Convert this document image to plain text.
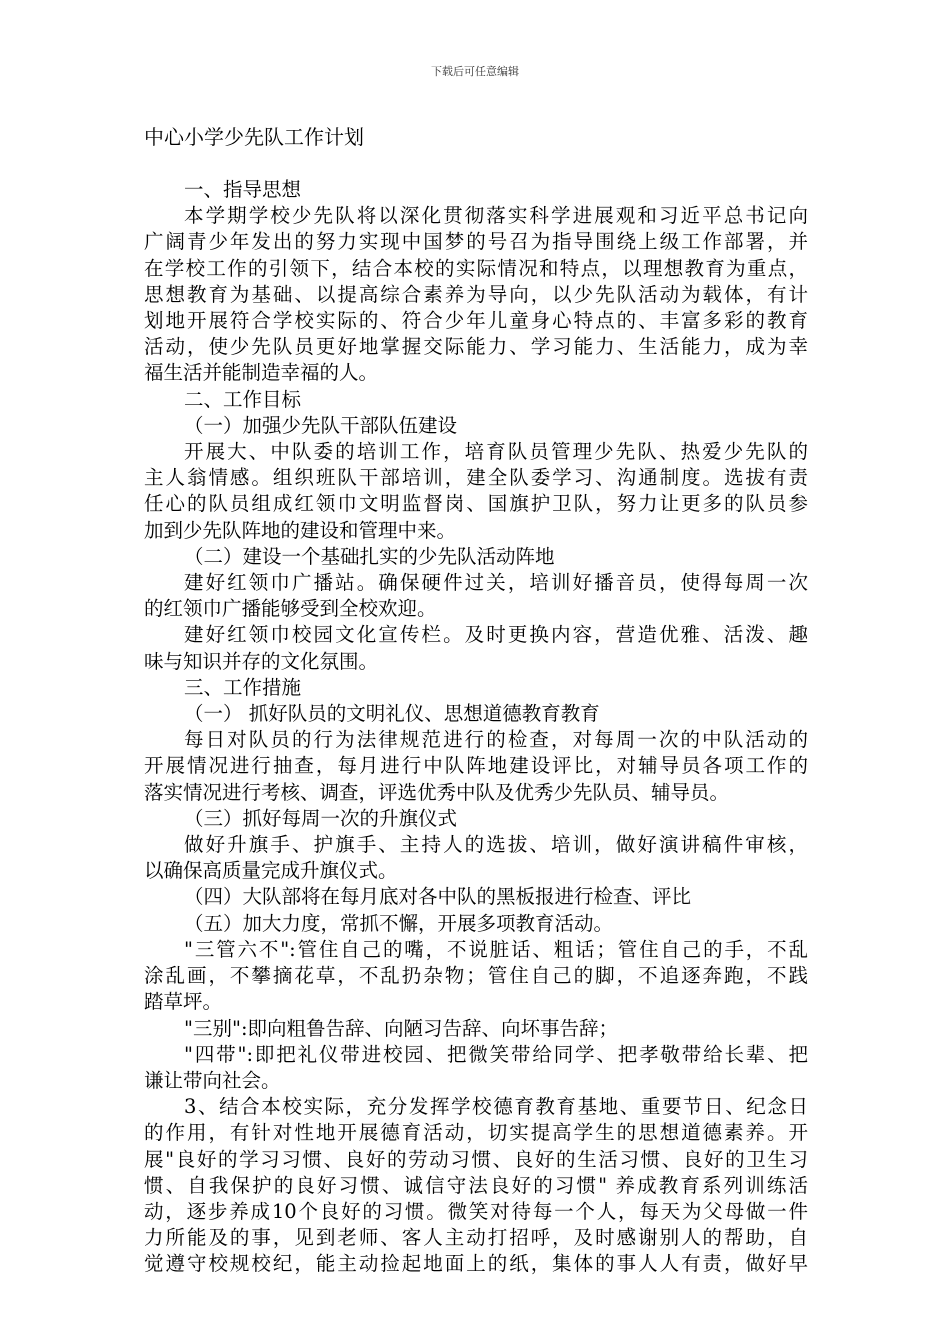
下载后可任意编辑
中心小学少先队工作计划
一、指导思想
本学期学校少先队将以深化贯彻落实科学进展观和习近平总书记向
广阔青少年发出的努力实现中国梦的号召为指导围绕上级工作部署，并
在学校工作的引领下，结合本校的实际情况和特点，以理想教育为重点，
思想教育为基础、以提高综合素养为导向，以少先队活动为载体，有计
划地开展符合学校实际的、符合少年儿童身心特点的、丰富多彩的教育
活动，使少先队员更好地掌握交际能力、学习能力、生活能力，成为幸
福生活并能制造幸福的人。
二、工作目标
（一）加强少先队干部队伍建设
开展大、中队委的培训工作，培育队员管理少先队、热爱少先队的
主人翁情感。组织班队干部培训，建全队委学习、沟通制度。选拔有责
任心的队员组成红领巾文明监督岗、国旗护卫队，努力让更多的队员参
加到少先队阵地的建设和管理中来。
（二）建设一个基础扎实的少先队活动阵地
建好红领巾广播站。确保硬件过关，培训好播音员，使得每周一次
的红领巾广播能够受到全校欢迎。
建好红领巾校园文化宣传栏。及时更换内容，营造优雅、活泼、趣
味与知识并存的文化氛围。
三、工作措施
（一） 抓好队员的文明礼仪、思想道德教育教育
每日对队员的行为法律规范进行的检查，对每周一次的中队活动的
开展情况进行抽查，每月进行中队阵地建设评比，对辅导员各项工作的
落实情况进行考核、调查，评选优秀中队及优秀少先队员、辅导员。
（三）抓好每周一次的升旗仪式
做好升旗手、护旗手、主持人的选拔、培训，做好演讲稿件审核，
以确保高质量完成升旗仪式。
（四）大队部将在每月底对各中队的黑板报进行检查、评比
（五）加大力度，常抓不懈，开展多项教育活动。
"三管六不":管住自己的嘴，不说脏话、粗话；管住自己的手，不乱
涂乱画，不攀摘花草，不乱扔杂物；管住自己的脚，不追逐奔跑，不践
踏草坪。
"三别":即向粗鲁告辞、向陋习告辞、向坏事告辞；
"四带":即把礼仪带进校园、把微笑带给同学、把孝敬带给长辈、把
谦让带向社会。
3、结合本校实际，充分发挥学校德育教育基地、重要节日、纪念日
的作用，有针对性地开展德育活动，切实提高学生的思想道德素养。开
展"良好的学习习惯、良好的劳动习惯、良好的生活习惯、良好的卫生习
惯、自我保护的良好习惯、诚信守法良好的习惯" 养成教育系列训练活
动，逐步养成10个良好的习惯。微笑对待每一个人，每天为父母做一件
力所能及的事，见到老师、客人主动打招呼，及时感谢别人的帮助，自
觉遵守校规校纪，能主动捡起地面上的纸，集体的事人人有责，做好早
